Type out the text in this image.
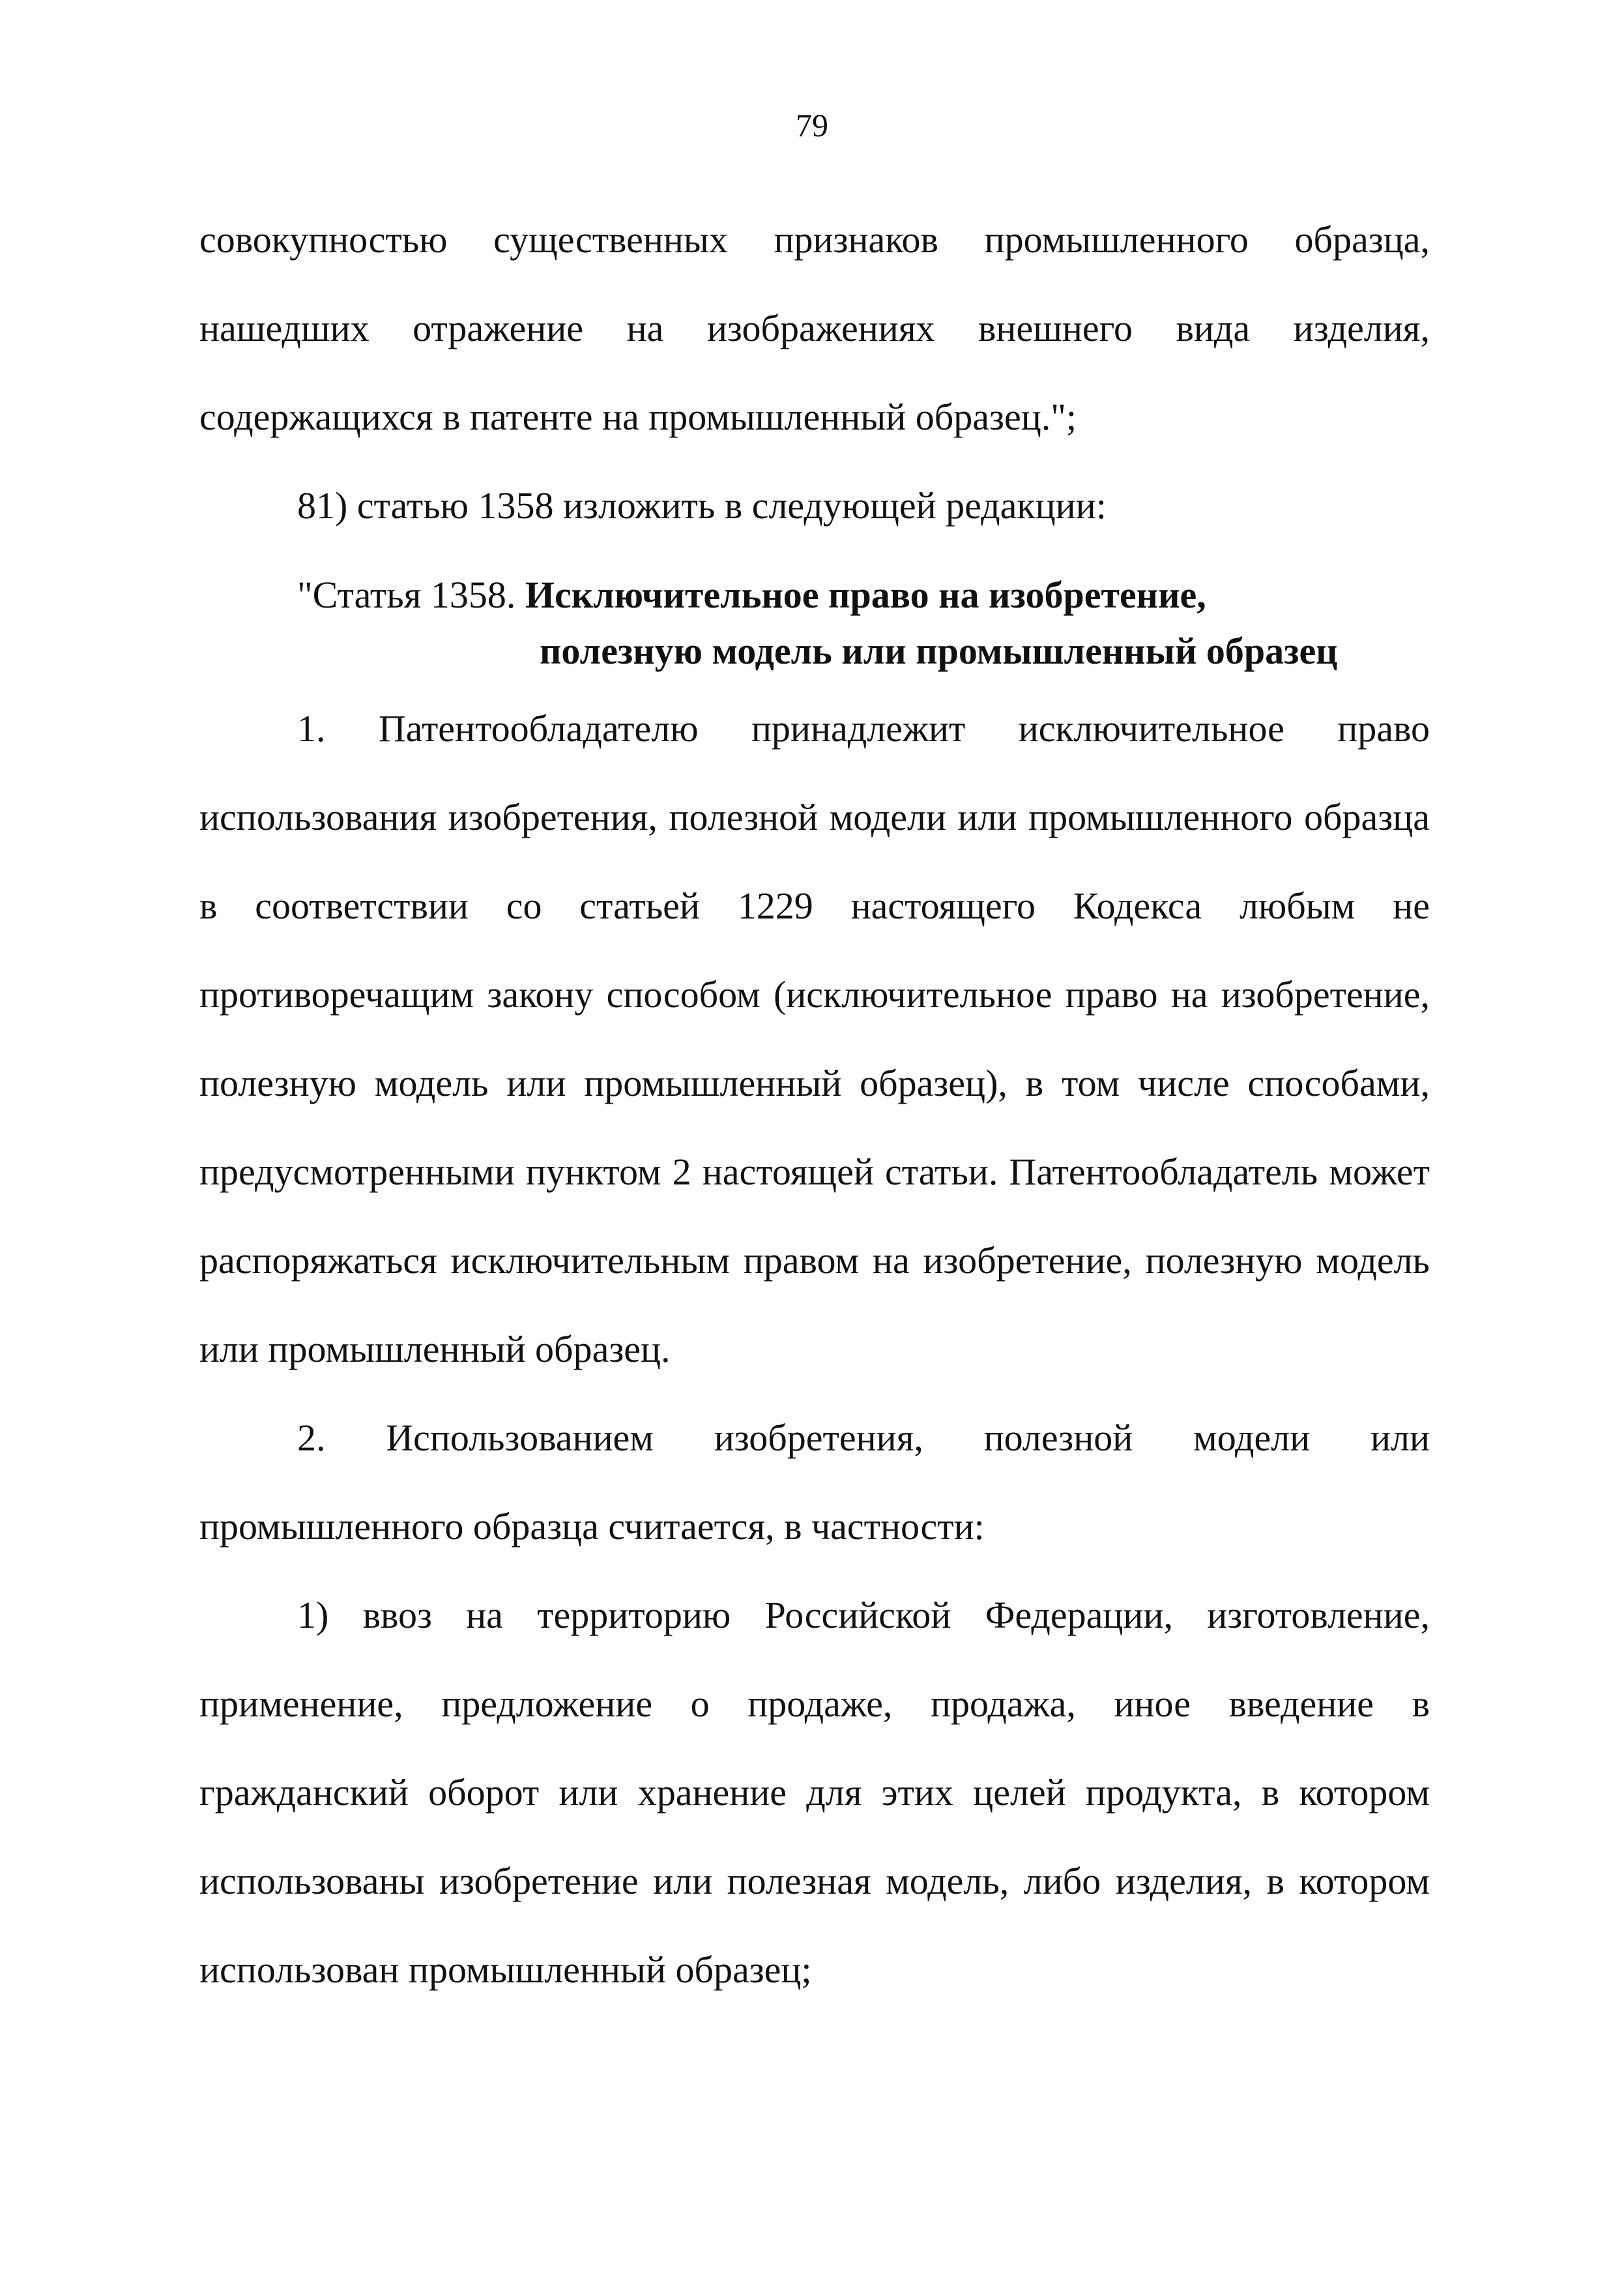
79

совокупностью существенных признаков промышленного образца, нашедших отражение на изображениях внешнего вида изделия, содержащихся в патенте на промышленный образец.";

81) статью 1358 изложить в следующей редакции:

"Статья 1358. Исключительное право на изобретение,
полезную модель или промышленный образец

1. Патентообладателю принадлежит исключительное право использования изобретения, полезной модели или промышленного образца в соответствии со статьей 1229 настоящего Кодекса любым не противоречащим закону способом (исключительное право на изобретение, полезную модель или промышленный образец), в том числе способами, предусмотренными пунктом 2 настоящей статьи. Патентообладатель может распоряжаться исключительным правом на изобретение, полезную модель или промышленный образец.

2. Использованием изобретения, полезной модели или промышленного образца считается, в частности:

1) ввоз на территорию Российской Федерации, изготовление, применение, предложение о продаже, продажа, иное введение в гражданский оборот или хранение для этих целей продукта, в котором использованы изобретение или полезная модель, либо изделия, в котором использован промышленный образец;
